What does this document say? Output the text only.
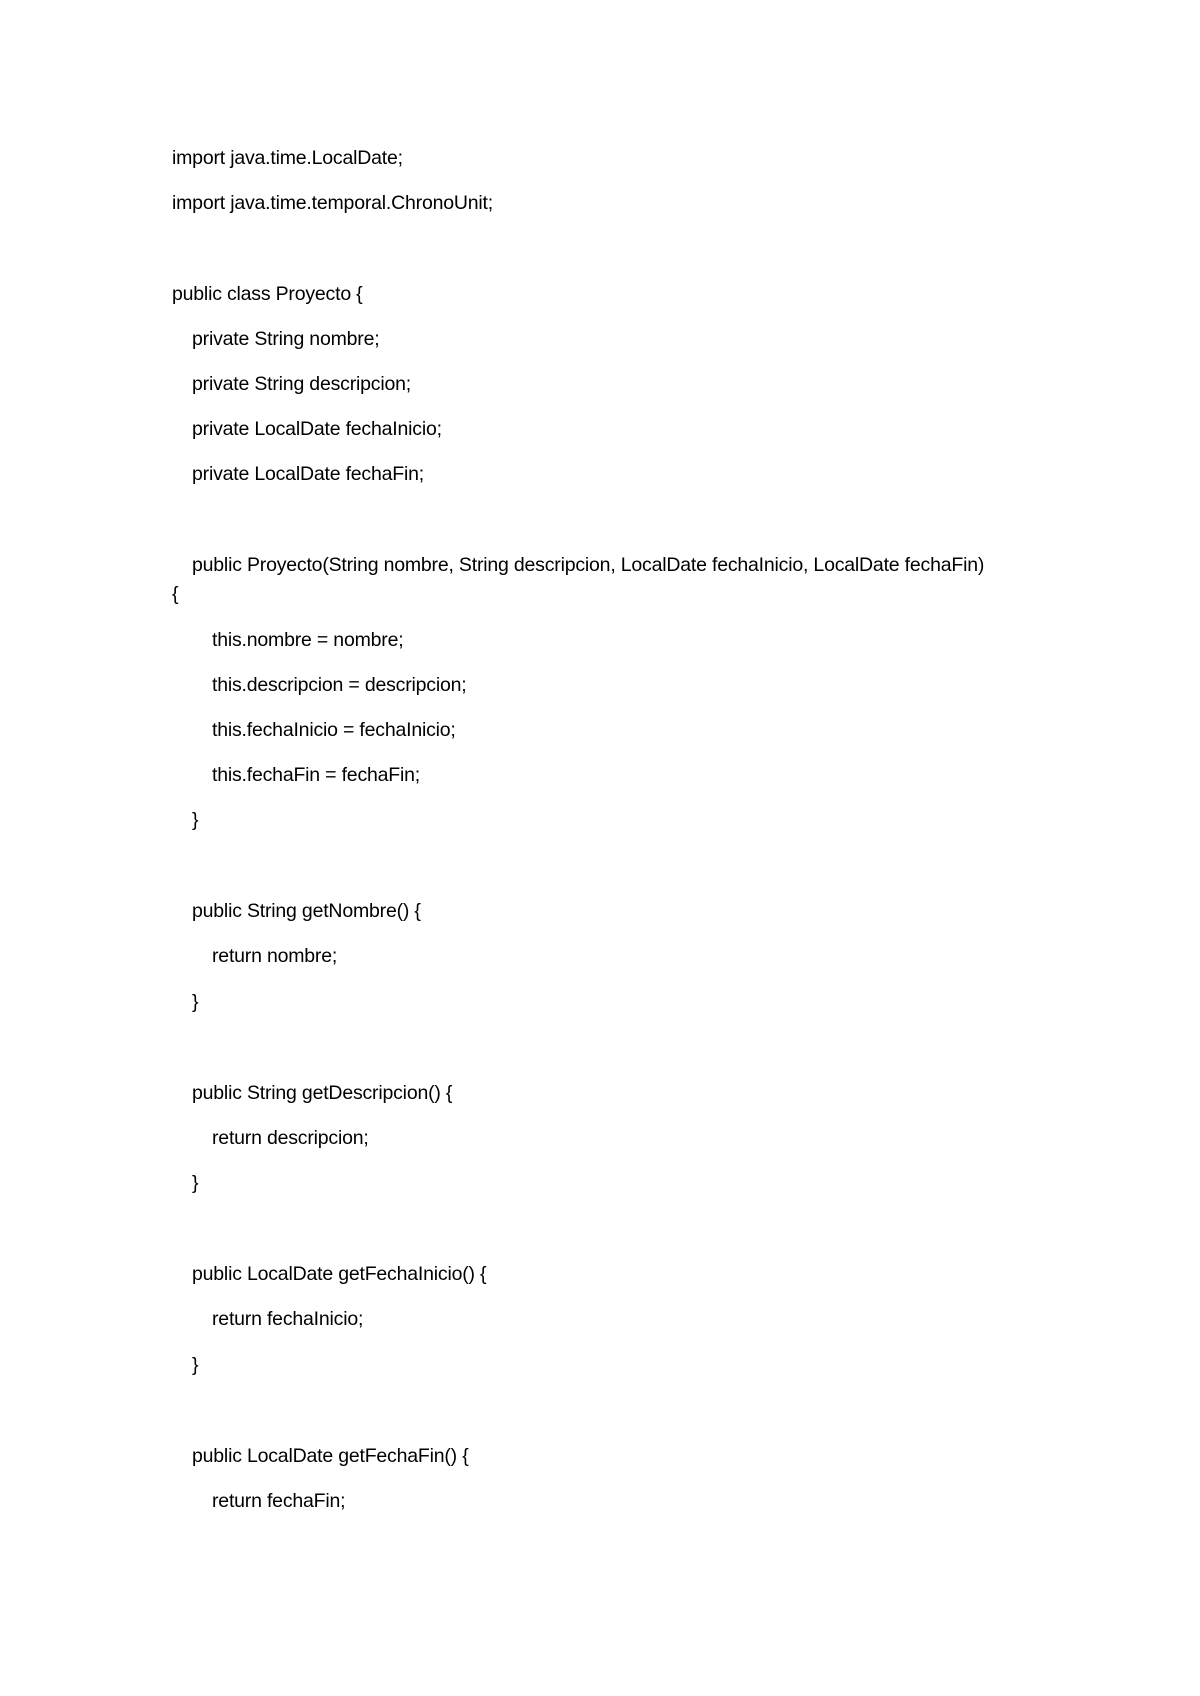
import java.time.LocalDate;
import java.time.temporal.ChronoUnit;
public class Proyecto {
private String nombre;
private String descripcion;
private LocalDate fechaInicio;
private LocalDate fechaFin;
public Proyecto(String nombre, String descripcion, LocalDate fechaInicio, LocalDate fechaFin)
{
this.nombre = nombre;
this.descripcion = descripcion;
this.fechaInicio = fechaInicio;
this.fechaFin = fechaFin;
}
public String getNombre() {
return nombre;
}
public String getDescripcion() {
return descripcion;
}
public LocalDate getFechaInicio() {
return fechaInicio;
}
public LocalDate getFechaFin() {
return fechaFin;
